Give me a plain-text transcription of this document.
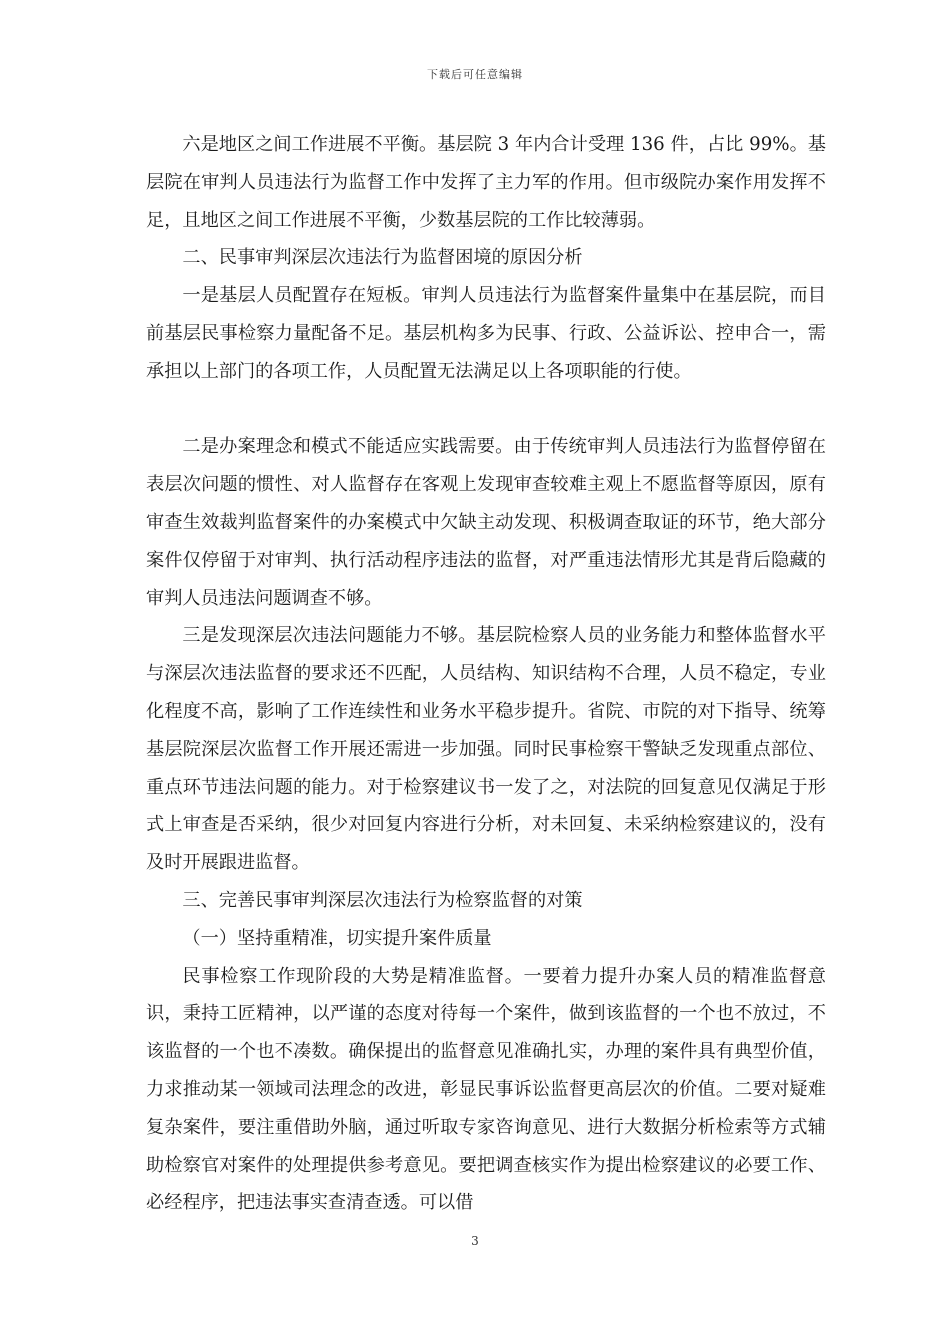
下载后可任意编辑

六是地区之间工作进展不平衡。基层院 3 年内合计受理 136 件，占比 99%。基层院在审判人员违法行为监督工作中发挥了主力军的作用。但市级院办案作用发挥不足，且地区之间工作进展不平衡，少数基层院的工作比较薄弱。

二、民事审判深层次违法行为监督困境的原因分析

一是基层人员配置存在短板。审判人员违法行为监督案件量集中在基层院，而目前基层民事检察力量配备不足。基层机构多为民事、行政、公益诉讼、控申合一，需承担以上部门的各项工作，人员配置无法满足以上各项职能的行使。

二是办案理念和模式不能适应实践需要。由于传统审判人员违法行为监督停留在表层次问题的惯性、对人监督存在客观上发现审查较难主观上不愿监督等原因，原有审查生效裁判监督案件的办案模式中欠缺主动发现、积极调查取证的环节，绝大部分案件仅停留于对审判、执行活动程序违法的监督，对严重违法情形尤其是背后隐藏的审判人员违法问题调查不够。

三是发现深层次违法问题能力不够。基层院检察人员的业务能力和整体监督水平与深层次违法监督的要求还不匹配，人员结构、知识结构不合理，人员不稳定，专业化程度不高，影响了工作连续性和业务水平稳步提升。省院、市院的对下指导、统筹基层院深层次监督工作开展还需进一步加强。同时民事检察干警缺乏发现重点部位、重点环节违法问题的能力。对于检察建议书一发了之，对法院的回复意见仅满足于形式上审查是否采纳，很少对回复内容进行分析，对未回复、未采纳检察建议的，没有及时开展跟进监督。

三、完善民事审判深层次违法行为检察监督的对策

（一）坚持重精准，切实提升案件质量

民事检察工作现阶段的大势是精准监督。一要着力提升办案人员的精准监督意识，秉持工匠精神，以严谨的态度对待每一个案件，做到该监督的一个也不放过，不该监督的一个也不凑数。确保提出的监督意见准确扎实，办理的案件具有典型价值，力求推动某一领域司法理念的改进，彰显民事诉讼监督更高层次的价值。二要对疑难复杂案件，要注重借助外脑，通过听取专家咨询意见、进行大数据分析检索等方式辅助检察官对案件的处理提供参考意见。要把调查核实作为提出检察建议的必要工作、必经程序，把违法事实查清查透。可以借

3
